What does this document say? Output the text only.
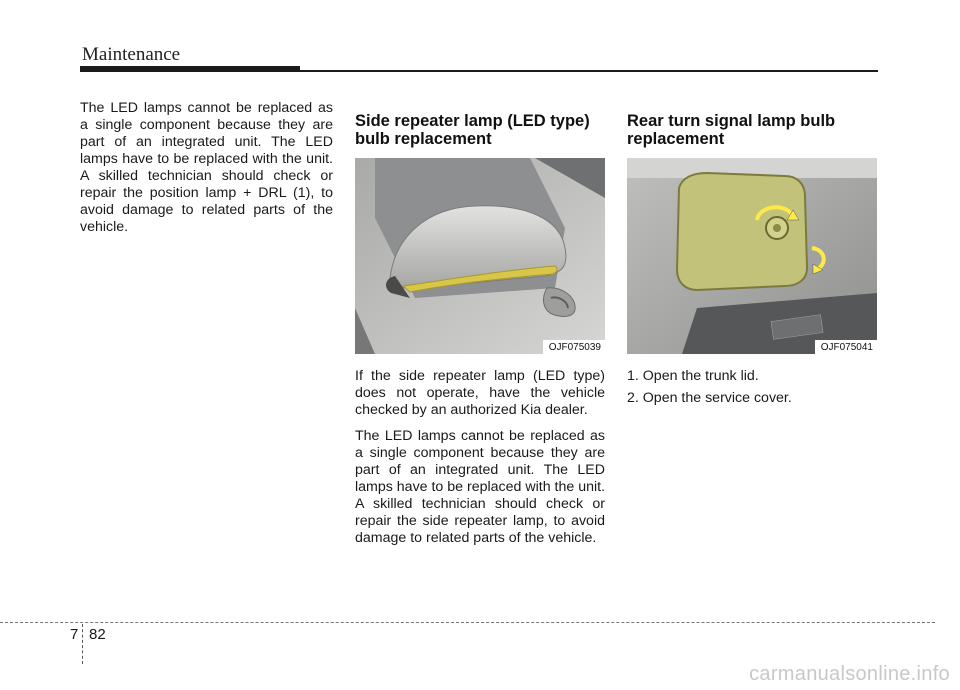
Maintenance

The LED lamps cannot be replaced as a single component because they are part of an integrated unit. The LED lamps have to be replaced with the unit. A skilled technician should check or repair the position lamp + DRL (1), to avoid damage to related parts of the vehicle.

Side repeater lamp (LED type) bulb replacement
OJF075039

If the side repeater lamp (LED type) does not operate, have the vehicle checked by an authorized Kia dealer.

The LED lamps cannot be replaced as a single component because they are part of an integrated unit. The LED lamps have to be replaced with the unit. A skilled technician should check or repair the side repeater lamp, to avoid damage to related parts of the vehicle.

Rear turn signal lamp bulb replacement
OJF075041
1. Open the trunk lid.
2. Open the service cover.
7 82
carmanualsonline.info
